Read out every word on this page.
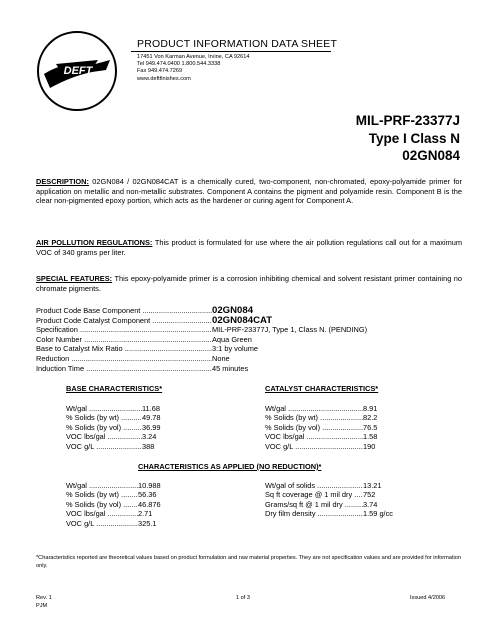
DEFT
PRODUCT INFORMATION DATA SHEET
17451 Von Karman Avenue, Irvine, CA 92614
Tel 949.474.0400 1.800.544.3338
Fax 949.474.7269
www.deftfinishes.com
MIL-PRF-23377J
Type I Class N
02GN084
DESCRIPTION: 02GN084 / 02GN084CAT is a chemically cured, two-component, non-chromated, epoxy-polyamide primer for application on metallic and non-metallic substrates. Component A contains the pigment and polyamide resin. Component B is the clear non-pigmented epoxy portion, which acts as the hardener or curing agent for Component A.
AIR POLLUTION REGULATIONS: This product is formulated for use where the air pollution regulations call out for a maximum VOC of 340 grams per liter.
SPECIAL FEATURES: This epoxy-polyamide primer is a corrosion inhibiting chemical and solvent resistant primer containing no chromate pigments.
Product Code Base Component .....	02GN084
Product Code Catalyst Component .....	02GN084CAT
Specification .....	MIL-PRF-23377J, Type 1, Class N. (PENDING)
Color Number .....	Aqua Green
Base to Catalyst Mix Ratio .....	3:1 by volume
Reduction .....	None
Induction Time .....	45 minutes
BASE CHARACTERISTICS*	CATALYST CHARACTERISTICS*
Wt/gal .....	11.68
% Solids (by wt) .....	49.78
% Solids (by vol) .....	36.99
VOC lbs/gal .....	3.24
VOC g/L .....	388
Wt/gal .....	8.91
% Solids (by wt) .....	82.2
% Solids (by vol) .....	76.5
VOC lbs/gal .....	1.58
VOC g/L .....	190
CHARACTERISTICS AS APPLIED (NO REDUCTION)*
Wt/gal .....	10.988
% Solids (by wt) .....	56.36
% Solids (by vol) .....	46.876
VOC lbs/gal .....	2.71
VOC g/L .....	325.1
Wt/gal of solids .....	13.21
Sq ft coverage @ 1 mil dry .....	752
Grams/sq ft @ 1 mil dry .....	3.74
Dry film density .....	1.59 g/cc
*Characteristics reported are theoretical values based on product formulation and raw material properties. They are not specification values and are provided for information only.
Rev. 1
PJM
1 of 3	Issued 4/2006
